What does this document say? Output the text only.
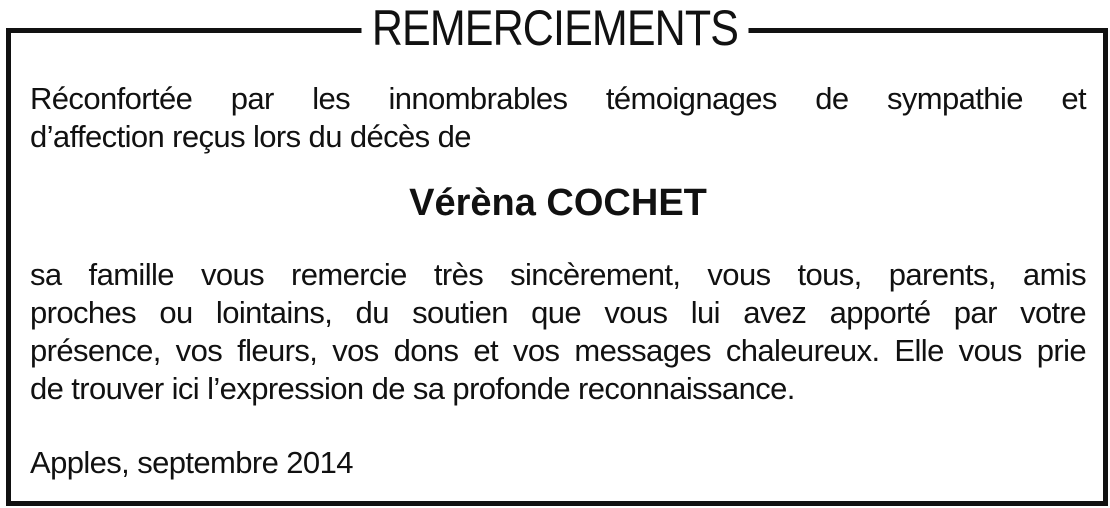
REMERCIEMENTS

Réconfortée par les innombrables témoignages de sympathie et

d’affection reçus lors du décès de

Vérèna COCHET

sa famille vous remercie très sincèrement, vous tous, parents, amis

proches ou lointains, du soutien que vous lui avez apporté par votre

présence, vos fleurs, vos dons et vos messages chaleureux. Elle vous prie

de trouver ici l’expression de sa profonde reconnaissance.

Apples, septembre 2014
